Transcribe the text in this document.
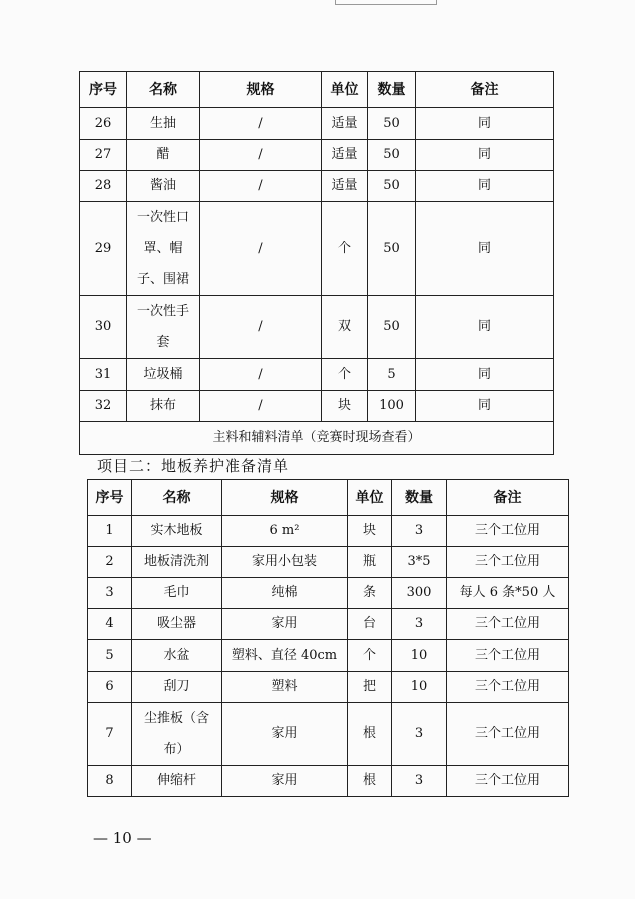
序号	名称	规格	单位	数量	备注
26	生抽	/	适量	50	同
27	醋	/	适量	50	同
28	酱油	/	适量	50	同
29	一次性口罩、帽子、围裙	/	个	50	同
30	一次性手套	/	双	50	同
31	垃圾桶	/	个	5	同
32	抹布	/	块	100	同
主料和辅料清单（竞赛时现场查看）					
项目二：地板养护准备清单
序号	名称	规格	单位	数量	备注
1	实木地板	6 m²	块	3	三个工位用
2	地板清洗剂	家用小包装	瓶	3*5	三个工位用
3	毛巾	纯棉	条	300	每人 6 条*50 人
4	吸尘器	家用	台	3	三个工位用
5	水盆	塑料、直径 40cm	个	10	三个工位用
6	刮刀	塑料	把	10	三个工位用
7	尘推板（含布）	家用	根	3	三个工位用
8	伸缩杆	家用	根	3	三个工位用
— 10 —
